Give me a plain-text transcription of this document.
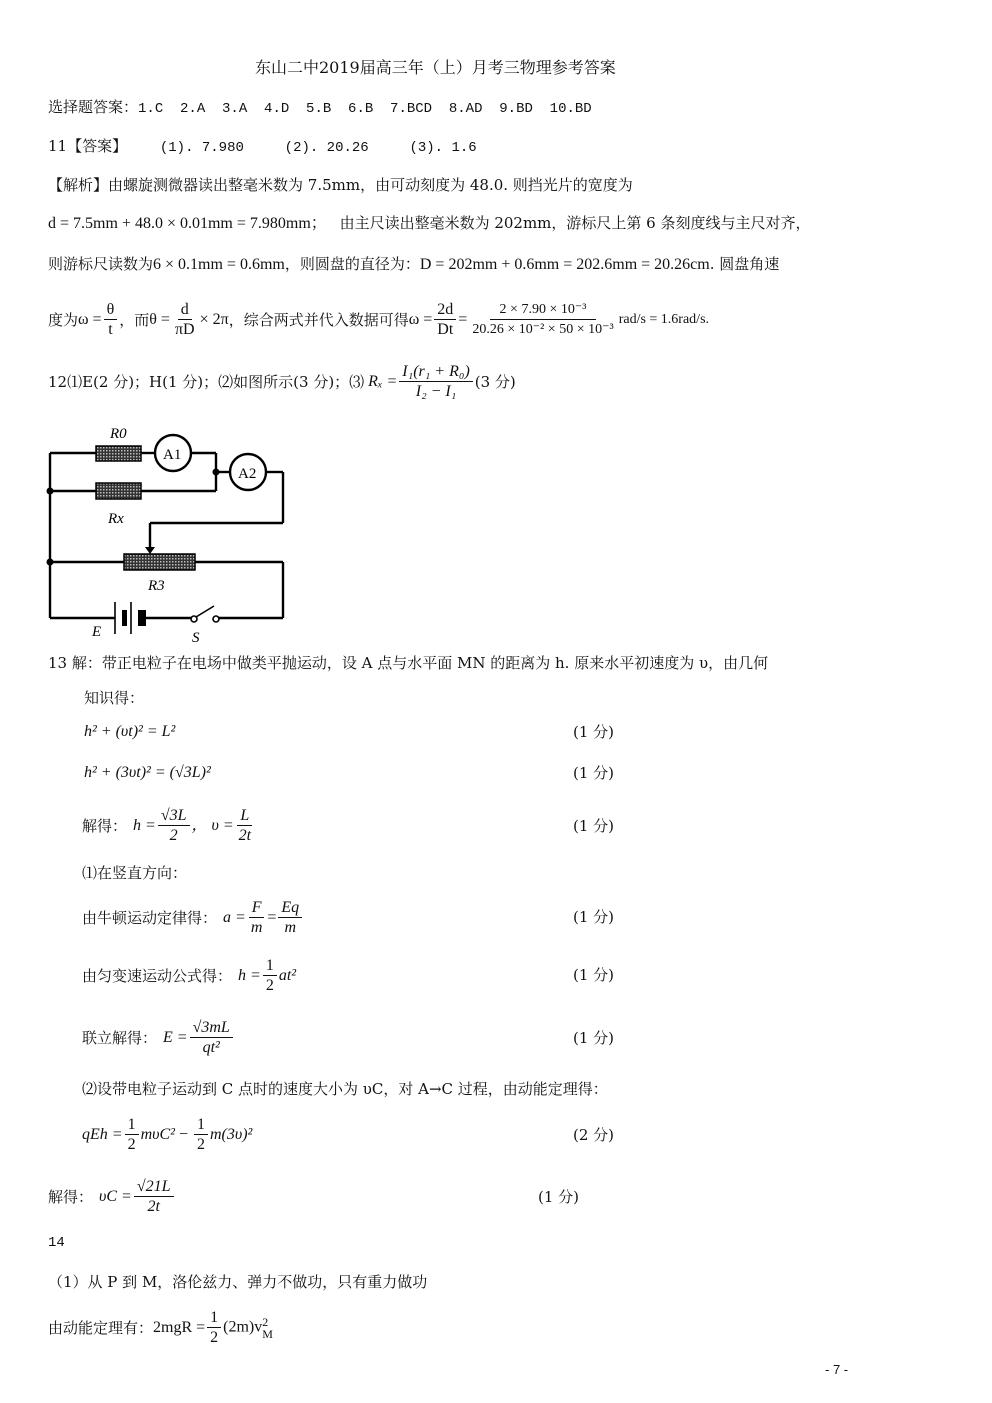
东山二中2019届高三年（上）月考三物理参考答案
选择题答案：1.C  2.A  3.A  4.D  5.B  6.B  7.BCD  8.AD  9.BD  10.BD
11【答案】 (1). 7.980	(2). 20.26	(3). 1.6
【解析】由螺旋测微器读出整毫米数为 7.5mm，由可动刻度为 48.0. 则挡光片的宽度为
d = 7.5mm + 48.0 × 0.01mm = 7.980mm； 由主尺读出整毫米数为 202mm，游标尺上第 6 条刻度线与主尺对齐，
则游标尺读数为6 × 0.1mm = 0.6mm，则圆盘的直径为：D = 202mm + 0.6mm = 202.6mm = 20.26cm. 圆盘角速
度为 $\omega = \frac{\theta}{t}$ ，而 $\theta = \frac{d}{\pi D} \times 2\pi$ ，综合两式并代入数据可得 $\omega = \frac{2d}{Dt} = \frac{\text{2 × 7.90 × 10⁻³}}{\text{20.26 × 10⁻² × 50 × 10⁻³}} rad/s = 1.6rad/s$.
12⑴E(2 分)；H(1 分)；⑵如图所示(3 分)；⑶ $R_x = \frac{\text{I₁(r₁ + R₀)}}{\text{I₂ − I₁}} (3$ 分)
R0
Rx
R3
A1
A2
E	S
13 解：带正电粒子在电场中做类平抛运动，设 A 点与水平面 MN 的距离为 h. 原来水平初速度为 υ，由几何
知识得：
h² + (υt)² = L²	(1 分)
h² + (3υt)² = (√3L)²	(1 分)
解得： $h = \frac{√3L}{2}$ ， $\upsilon = \frac{L}{2t}$	(1 分)
⑴在竖直方向：
由牛顿运动定律得： $a = \frac{F}{m} = \frac{Eq}{m}$	(1 分)
由匀变速运动公式得： $h = \frac{1}{2} at^2$	(1 分)
联立解得： $E = \frac{√3mL}{\text{qt²}}$	(1 分)
⑵设带电粒子运动到 C 点时的速度大小为 υC，对 A→C 过程，由动能定理得：
qEh = $\frac{1}{2} m\upsilon C^2 - \frac{1}{2} m(3\upsilon)^2$	(2 分)
解得： $\upsilon C = \frac{√21L}{2t}$	(1 分)
14
（1）从 P 到 M，洛伦兹力、弹力不做功，只有重力做功
由动能定理有： $2mgR = \frac{1}{2} (2m)v$ 2
M
- 7 -
